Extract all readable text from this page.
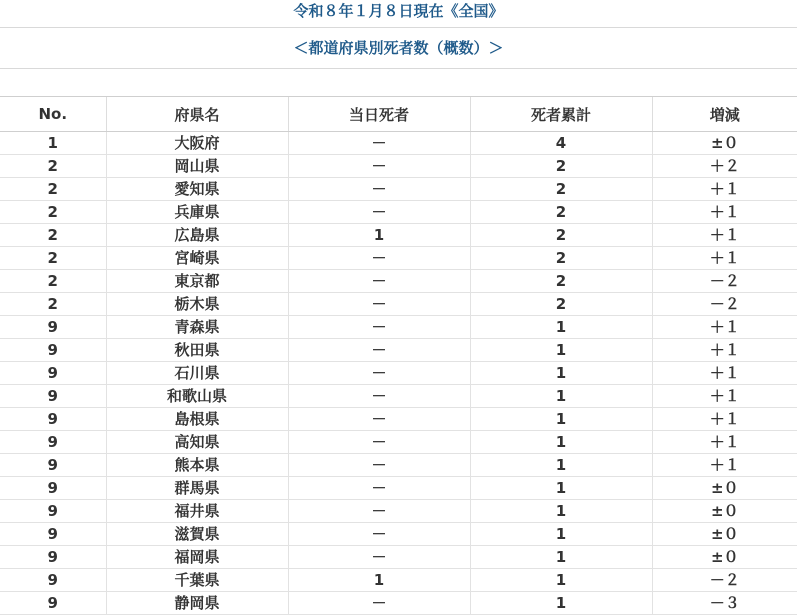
令和８年１月８日現在《全国》
＜都道府県別死者数（概数）＞
No.	府県名	当日死者	死者累計	増減
1	大阪府	－	4	±０
2	岡山県	－	2	＋２
2	愛知県	－	2	＋１
2	兵庫県	－	2	＋１
2	広島県	1	2	＋１
2	宮崎県	－	2	＋１
2	東京都	－	2	－２
2	栃木県	－	2	－２
9	青森県	－	1	＋１
9	秋田県	－	1	＋１
9	石川県	－	1	＋１
9	和歌山県	－	1	＋１
9	島根県	－	1	＋１
9	高知県	－	1	＋１
9	熊本県	－	1	＋１
9	群馬県	－	1	±０
9	福井県	－	1	±０
9	滋賀県	－	1	±０
9	福岡県	－	1	±０
9	千葉県	1	1	－２
9	静岡県	－	1	－３
